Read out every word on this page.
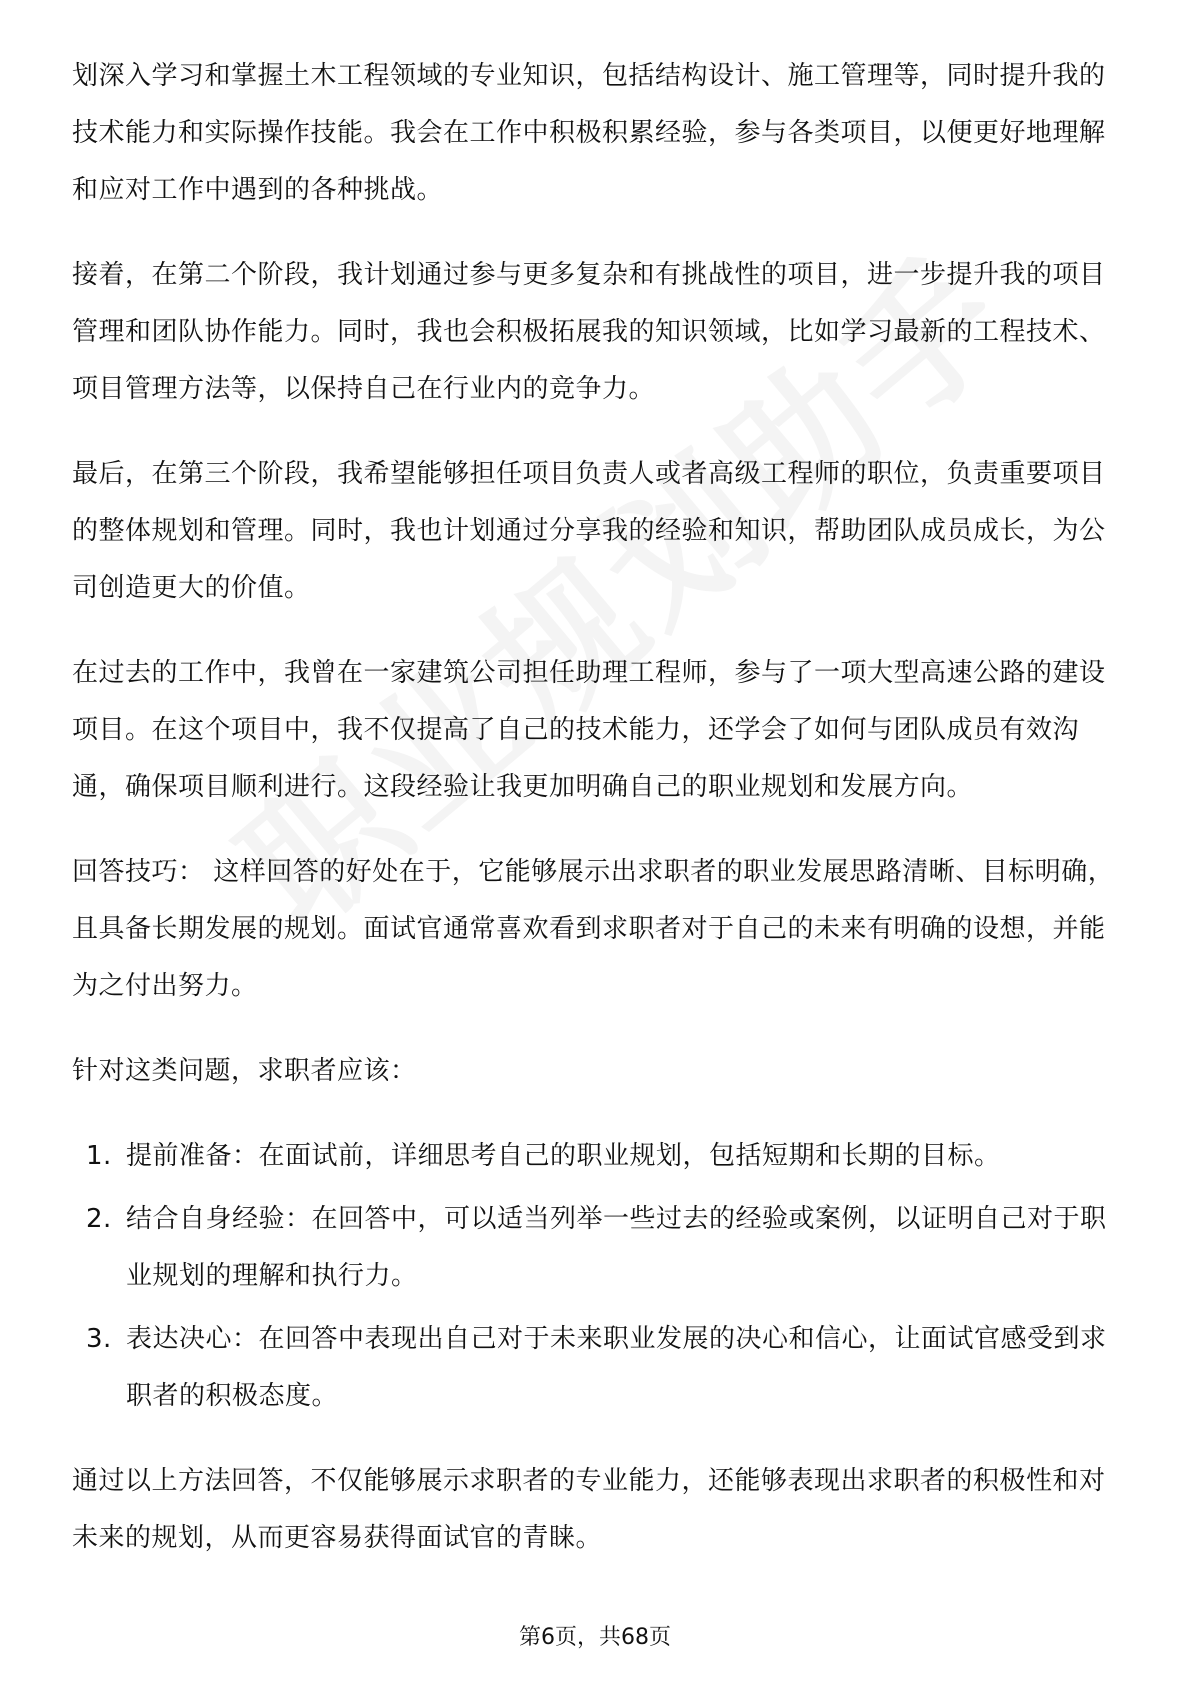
划深入学习和掌握土木工程领域的专业知识，包括结构设计、施工管理等，同时提升我的技术能力和实际操作技能。我会在工作中积极积累经验，参与各类项目，以便更好地理解和应对工作中遇到的各种挑战。

接着，在第二个阶段，我计划通过参与更多复杂和有挑战性的项目，进一步提升我的项目管理和团队协作能力。同时，我也会积极拓展我的知识领域，比如学习最新的工程技术、项目管理方法等，以保持自己在行业内的竞争力。

最后，在第三个阶段，我希望能够担任项目负责人或者高级工程师的职位，负责重要项目的整体规划和管理。同时，我也计划通过分享我的经验和知识，帮助团队成员成长，为公司创造更大的价值。

在过去的工作中，我曾在一家建筑公司担任助理工程师，参与了一项大型高速公路的建设项目。在这个项目中，我不仅提高了自己的技术能力，还学会了如何与团队成员有效沟通，确保项目顺利进行。这段经验让我更加明确自己的职业规划和发展方向。

回答技巧： 这样回答的好处在于，它能够展示出求职者的职业发展思路清晰、目标明确，且具备长期发展的规划。面试官通常喜欢看到求职者对于自己的未来有明确的设想，并能为之付出努力。

针对这类问题，求职者应该：

1. 提前准备：在面试前，详细思考自己的职业规划，包括短期和长期的目标。
2. 结合自身经验：在回答中，可以适当列举一些过去的经验或案例，以证明自己对于职业规划的理解和执行力。
3. 表达决心：在回答中表现出自己对于未来职业发展的决心和信心，让面试官感受到求职者的积极态度。

通过以上方法回答，不仅能够展示求职者的专业能力，还能够表现出求职者的积极性和对未来的规划，从而更容易获得面试官的青睐。

第6页，共68页
